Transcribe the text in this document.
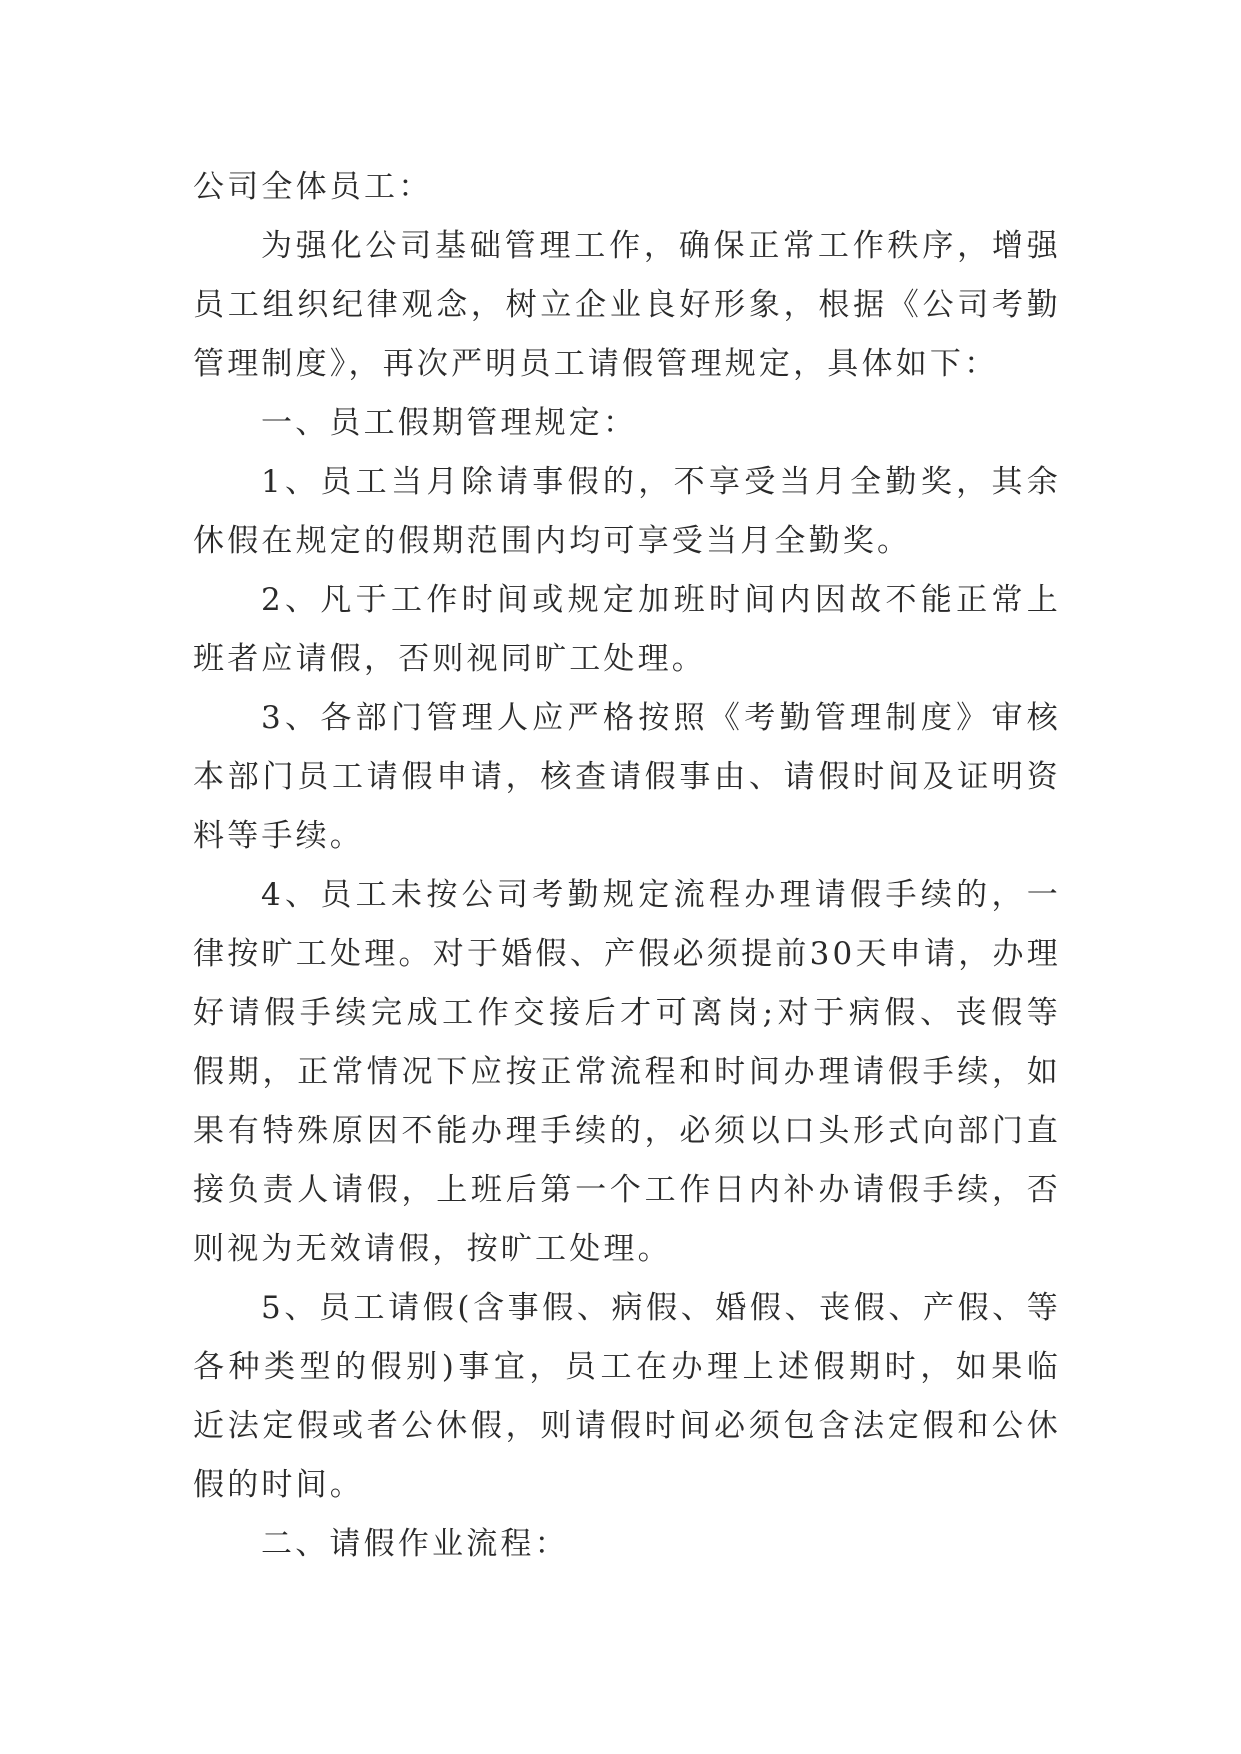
公司全体员工：

为强化公司基础管理工作，确保正常工作秩序，增强员工组织纪律观念，树立企业良好形象，根据《公司考勤管理制度》，再次严明员工请假管理规定，具体如下：

一、员工假期管理规定：

1、员工当月除请事假的，不享受当月全勤奖，其余休假在规定的假期范围内均可享受当月全勤奖。

2、凡于工作时间或规定加班时间内因故不能正常上班者应请假，否则视同旷工处理。

3、各部门管理人应严格按照《考勤管理制度》审核本部门员工请假申请，核查请假事由、请假时间及证明资料等手续。

4、员工未按公司考勤规定流程办理请假手续的，一律按旷工处理。对于婚假、产假必须提前30天申请，办理好请假手续完成工作交接后才可离岗;对于病假、丧假等假期，正常情况下应按正常流程和时间办理请假手续，如果有特殊原因不能办理手续的，必须以口头形式向部门直接负责人请假，上班后第一个工作日内补办请假手续，否则视为无效请假，按旷工处理。

5、员工请假(含事假、病假、婚假、丧假、产假、等各种类型的假别)事宜，员工在办理上述假期时，如果临近法定假或者公休假，则请假时间必须包含法定假和公休假的时间。

二、请假作业流程：
